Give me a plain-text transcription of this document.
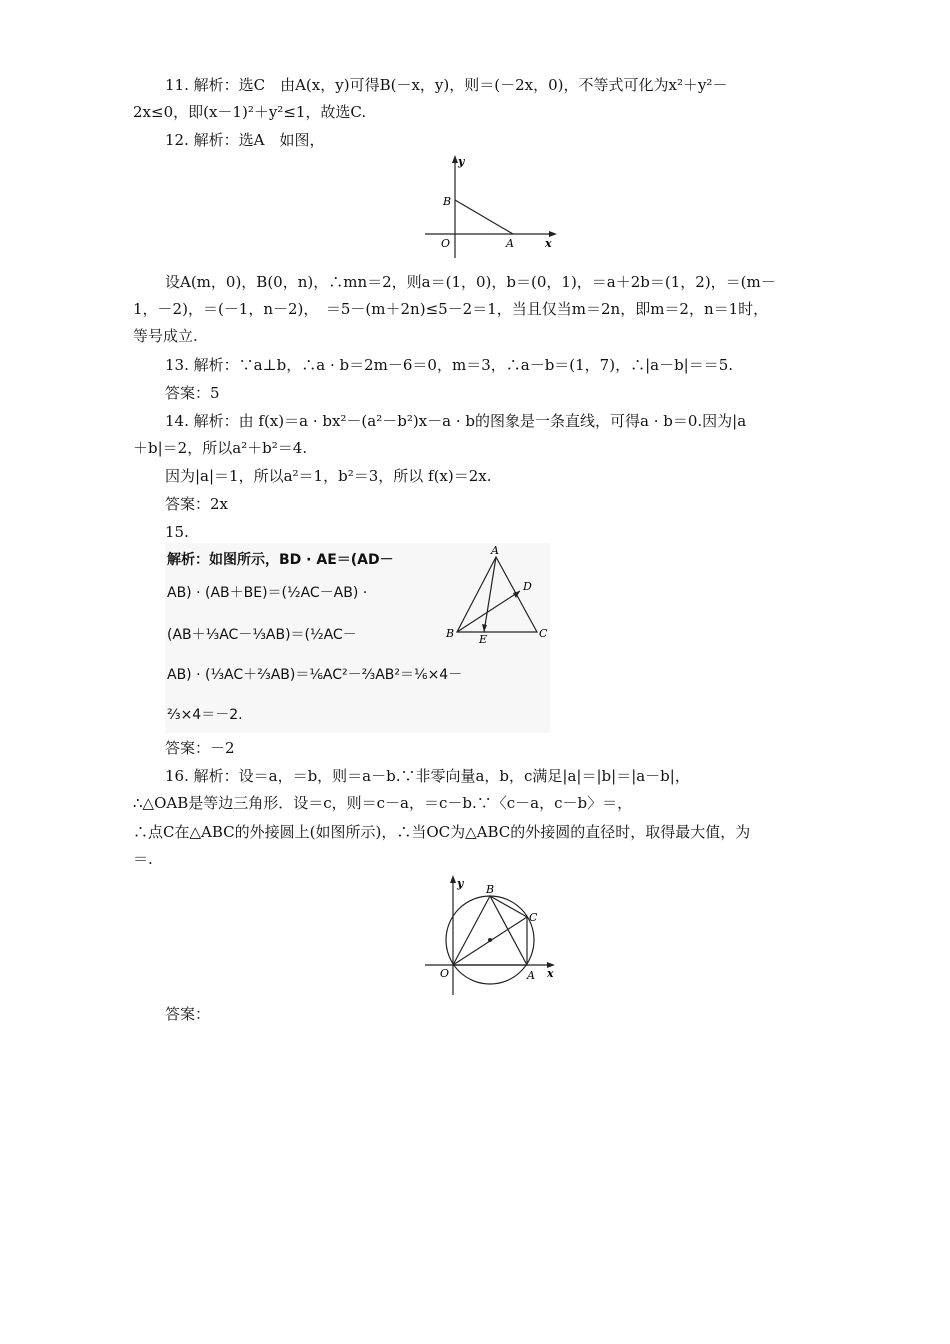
11. 解析：选C　由A(x，y)可得B(－x，y)，则＝(－2x，0)，不等式可化为x²＋y²－
2x≤0，即(x－1)²＋y²≤1，故选C.
12. 解析：选A　如图，
y
x
B
O	A
设A(m，0)，B(0，n)，∴mn＝2，则a＝(1，0)，b＝(0，1)，＝a＋2b＝(1，2)，＝(m－
1，－2)，＝(－1，n－2)，　＝5－(m＋2n)≤5－2＝1，当且仅当m＝2n，即m＝2，n＝1时，
等号成立.
13. 解析：∵a⊥b，∴a · b＝2m－6＝0，m＝3，∴a－b＝(1，7)，∴|a－b|＝＝5.
答案：5
14. 解析：由 f(x)＝a · bx²－(a²－b²)x－a · b的图象是一条直线，可得a · b＝0.因为|a
＋b|＝2，所以a²＋b²＝4.
因为|a|＝1，所以a²＝1，b²＝3，所以 f(x)＝2x.
答案：2x
15.
解析：如图所示，BD · AE＝(AD－
AB) · (AB＋BE)＝(½AC－AB) ·
(AB＋⅓AC－⅓AB)＝(½AC－
AB) · (⅓AC＋⅔AB)＝⅙AC²－⅔AB²＝⅙×4－
⅔×4＝－2.
A
D
B E	C
答案：－2
16. 解析：设＝a，＝b，则＝a－b.∵非零向量a，b，c满足|a|＝|b|＝|a－b|，
∴△OAB是等边三角形．设＝c，则＝c－a，＝c－b.∵〈c－a，c－b〉＝，
∴点C在△ABC的外接圆上(如图所示)，∴当OC为△ABC的外接圆的直径时，取得最大值，为
＝.
y
x
B
C
O	A
答案：
